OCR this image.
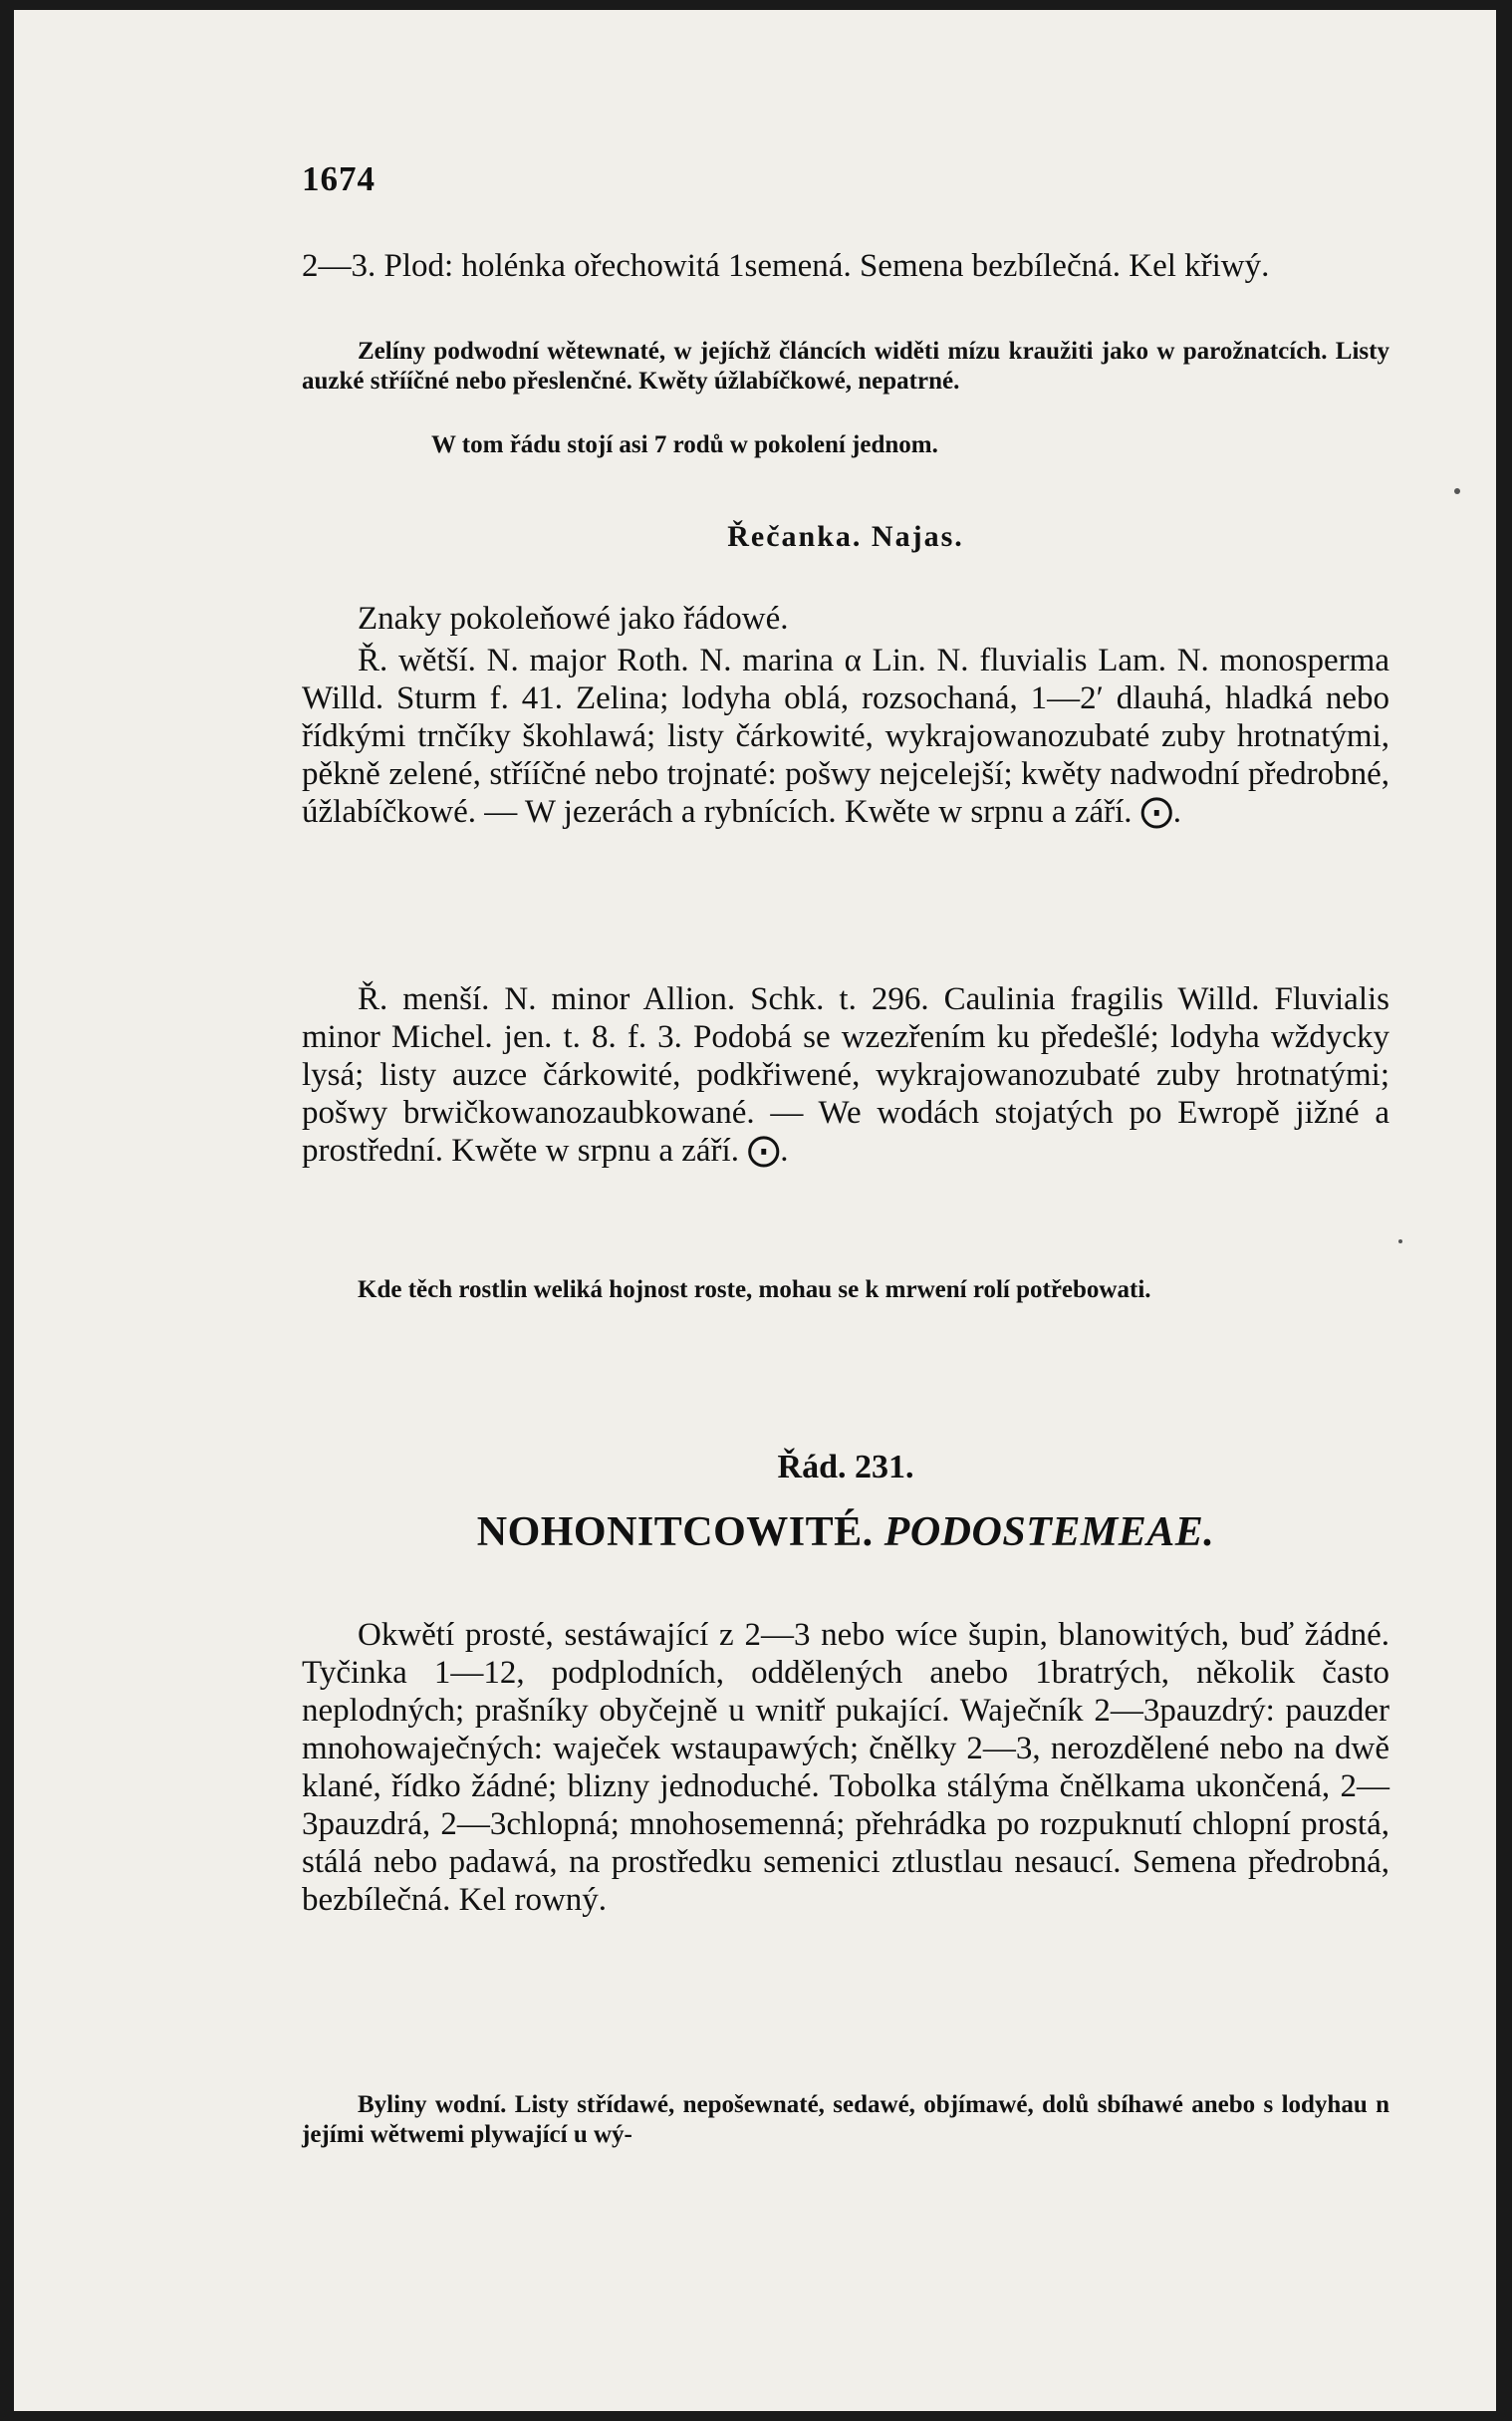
1674
2—3. Plod: holénka ořechowitá 1semená. Semena bezbílečná. Kel křiwý.
Zelíny podwodní wětewnaté, w jejíchž článcích widěti mízu kraužiti jako w parožnatcích. Listy auzké střííčné nebo přeslenčné. Kwěty úžlabíčkowé, nepatrné.
W tom řádu stojí asi 7 rodů w pokolení jednom.
Řečanka. Najas.
Znaky pokoleňowé jako řádowé.
Ř. wětší. N. major Roth. N. marina α Lin. N. fluvialis Lam. N. monosperma Willd. Sturm f. 41. Zelina; lodyha oblá, rozsochaná, 1—2′ dlauhá, hladká nebo řídkými trnčíky škohlawá; listy čárkowité, wykrajowanozubaté zuby hrotnatými, pěkně zelené, střííčné nebo trojnaté: pošwy nejcelejší; kwěty nadwodní předrobné, úžlabíčkowé. — W jezerách a rybnících. Kwěte w srpnu a září. ⨀.
Ř. menší. N. minor Allion. Schk. t. 296. Caulinia fragilis Willd. Fluvialis minor Michel. jen. t. 8. f. 3. Podobá se wzezřením ku předešlé; lodyha wždycky lysá; listy auzce čárkowité, podkřiwené, wykrajowanozubaté zuby hrotnatými; pošwy brwičkowanozaubkowané. — We wodách stojatých po Ewropě jižné a prostřední. Kwěte w srpnu a září. ⨀.
Kde těch rostlin weliká hojnost roste, mohau se k mrwení rolí potřebowati.
Řád. 231.
NOHONITCOWITÉ. PODOSTEMEAE.
Okwětí prosté, sestáwající z 2—3 nebo wíce šupin, blanowitých, buď žádné. Tyčinka 1—12, podplodních, oddělených anebo 1bratrých, několik často neplodných; prašníky obyčejně u wnitř pukající. Waječník 2—3pauzdrý: pauzder mnohowaječných: waječek wstaupawých; čnělky 2—3, nerozdělené nebo na dwě klané, řídko žádné; blizny jednoduché. Tobolka stálýma čnělkama ukončená, 2—3pauzdrá, 2—3chlopná; mnohosemenná; přehrádka po rozpuknutí chlopní prostá, stálá nebo padawá, na prostředku semenici ztlustlau nesaucí. Semena předrobná, bezbílečná. Kel rowný.
Byliny wodní. Listy střídawé, nepošewnaté, sedawé, objímawé, dolů sbíhawé anebo s lodyhau n jejími wětwemi plywající u wý-
